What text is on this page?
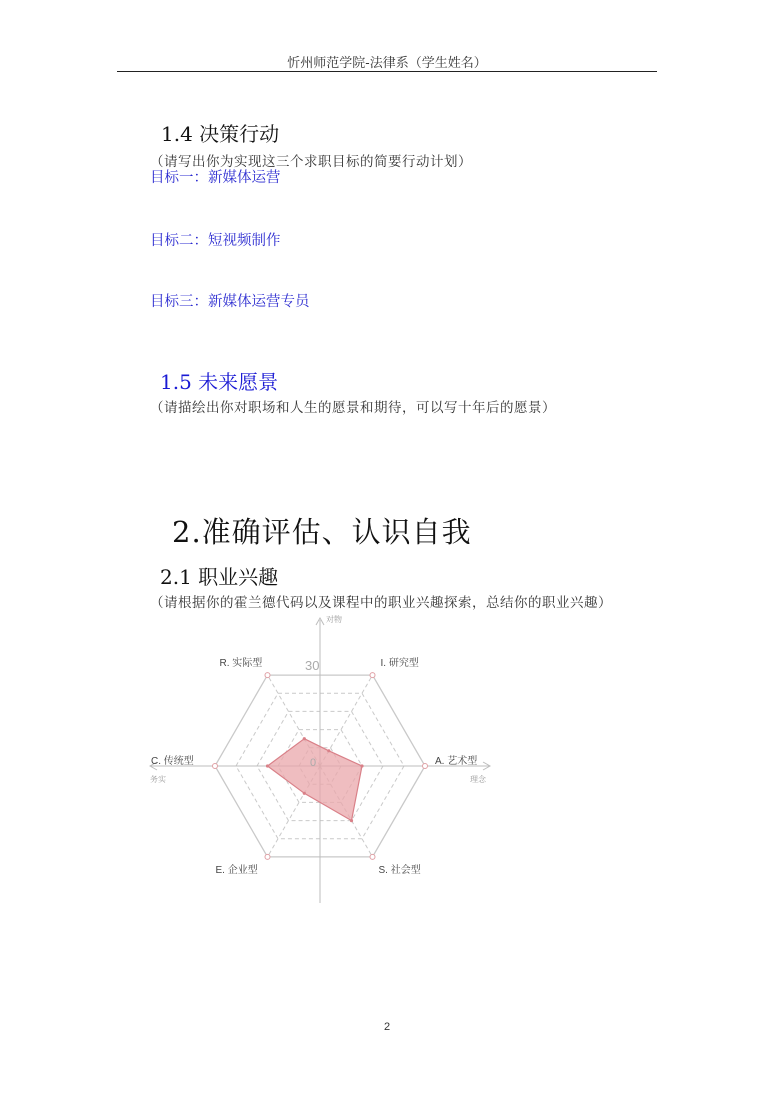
忻州师范学院-法律系（学生姓名）
1.4 决策行动
（请写出你为实现这三个求职目标的简要行动计划）
目标一：新媒体运营
目标二：短视频制作
目标三：新媒体运营专员
1.5 未来愿景
（请描绘出你对职场和人生的愿景和期待，可以写十年后的愿景）
2.准确评估、认识自我
2.1 职业兴趣
（请根据你的霍兰德代码以及课程中的职业兴趣探索，总结你的职业兴趣）
对物
务实	理念
30
0
R. 实际型	I. 研究型
A. 艺术型
S. 社会型
E. 企业型
C. 传统型
2
